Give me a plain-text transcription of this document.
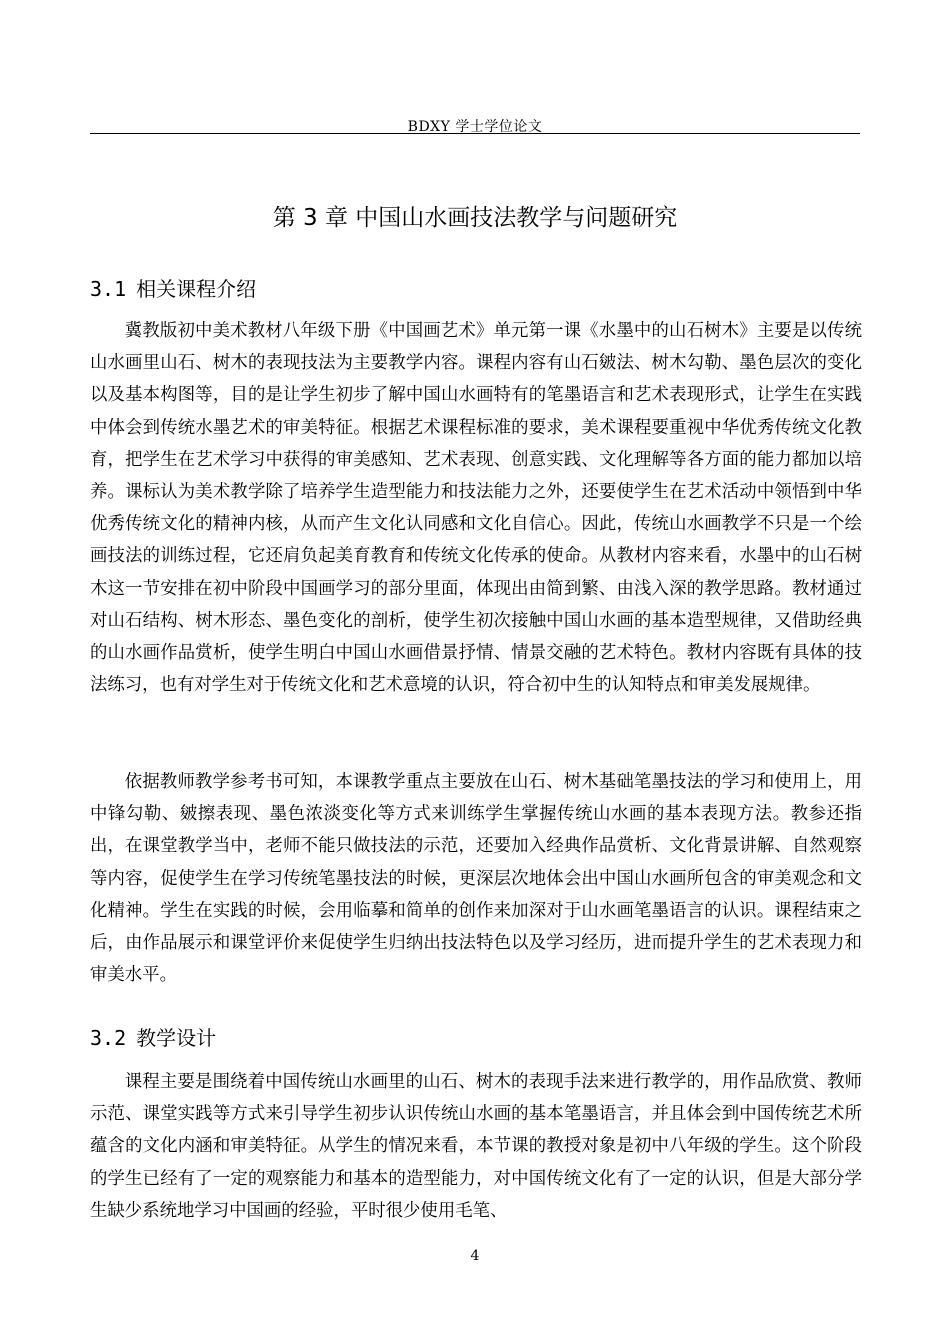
BDXY 学士学位论文
第 3 章 中国山水画技法教学与问题研究
3.1 相关课程介绍

冀教版初中美术教材八年级下册《中国画艺术》单元第一课《水墨中的山石树木》主要是以传统山水画里山石、树木的表现技法为主要教学内容。课程内容有山石皴法、树木勾勒、墨色层次的变化以及基本构图等，目的是让学生初步了解中国山水画特有的笔墨语言和艺术表现形式，让学生在实践中体会到传统水墨艺术的审美特征。根据艺术课程标准的要求，美术课程要重视中华优秀传统文化教育，把学生在艺术学习中获得的审美感知、艺术表现、创意实践、文化理解等各方面的能力都加以培养。课标认为美术教学除了培养学生造型能力和技法能力之外，还要使学生在艺术活动中领悟到中华优秀传统文化的精神内核，从而产生文化认同感和文化自信心。因此，传统山水画教学不只是一个绘画技法的训练过程，它还肩负起美育教育和传统文化传承的使命。从教材内容来看，水墨中的山石树木这一节安排在初中阶段中国画学习的部分里面，体现出由简到繁、由浅入深的教学思路。教材通过对山石结构、树木形态、墨色变化的剖析，使学生初次接触中国山水画的基本造型规律，又借助经典的山水画作品赏析，使学生明白中国山水画借景抒情、情景交融的艺术特色。教材内容既有具体的技法练习，也有对学生对于传统文化和艺术意境的认识，符合初中生的认知特点和审美发展规律。

依据教师教学参考书可知，本课教学重点主要放在山石、树木基础笔墨技法的学习和使用上，用中锋勾勒、皴擦表现、墨色浓淡变化等方式来训练学生掌握传统山水画的基本表现方法。教参还指出，在课堂教学当中，老师不能只做技法的示范，还要加入经典作品赏析、文化背景讲解、自然观察等内容，促使学生在学习传统笔墨技法的时候，更深层次地体会出中国山水画所包含的审美观念和文化精神。学生在实践的时候，会用临摹和简单的创作来加深对于山水画笔墨语言的认识。课程结束之后，由作品展示和课堂评价来促使学生归纳出技法特色以及学习经历，进而提升学生的艺术表现力和审美水平。

3.2 教学设计

课程主要是围绕着中国传统山水画里的山石、树木的表现手法来进行教学的，用作品欣赏、教师示范、课堂实践等方式来引导学生初步认识传统山水画的基本笔墨语言，并且体会到中国传统艺术所蕴含的文化内涵和审美特征。从学生的情况来看，本节课的教授对象是初中八年级的学生。这个阶段的学生已经有了一定的观察能力和基本的造型能力，对中国传统文化有了一定的认识，但是大部分学生缺少系统地学习中国画的经验，平时很少使用毛笔、

4
